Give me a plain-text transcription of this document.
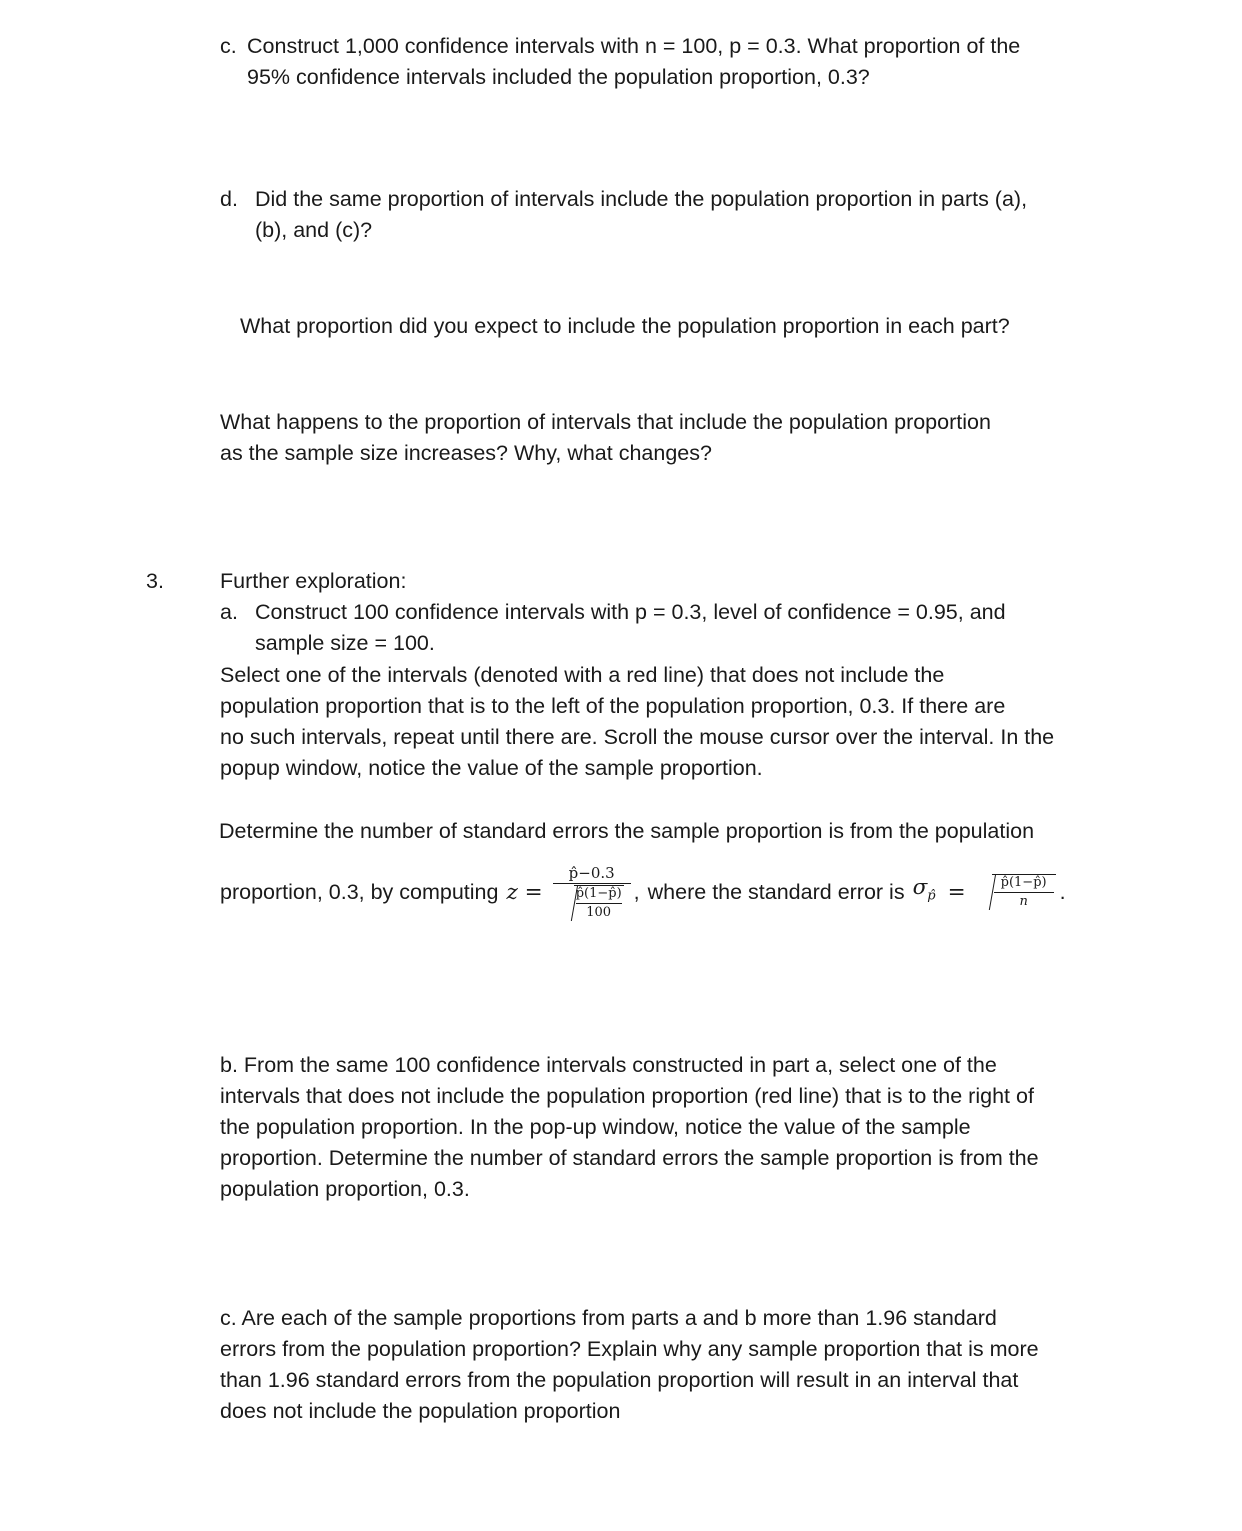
c. Construct 1,000 confidence intervals with n = 100, p = 0.3. What proportion of the
95% confidence intervals included the population proportion, 0.3?
d. Did the same proportion of intervals include the population proportion in parts (a),
(b), and (c)?
What proportion did you expect to include the population proportion in each part?
What happens to the proportion of intervals that include the population proportion
as the sample size increases? Why, what changes?
3.	Further exploration:
a. Construct 100 confidence intervals with p = 0.3, level of confidence = 0.95, and
sample size = 100.
Select one of the intervals (denoted with a red line) that does not include the
population proportion that is to the left of the population proportion, 0.3. If there are
no such intervals, repeat until there are. Scroll the mouse cursor over the interval. In the
popup window, notice the value of the sample proportion.
Determine the number of standard errors the sample proportion is from the population
proportion, 0.3, by computing $z = \frac{p̂-0.3}{\frac{p̂(1-p̂)}{100}}$ , where the standard error is $\sigma_{p̂} = \frac{p̂(1-p̂)}{n}$ .
b. From the same 100 confidence intervals constructed in part a, select one of the
intervals that does not include the population proportion (red line) that is to the right of
the population proportion. In the pop-up window, notice the value of the sample
proportion. Determine the number of standard errors the sample proportion is from the
population proportion, 0.3.
c. Are each of the sample proportions from parts a and b more than 1.96 standard
errors from the population proportion? Explain why any sample proportion that is more
than 1.96 standard errors from the population proportion will result in an interval that
does not include the population proportion
